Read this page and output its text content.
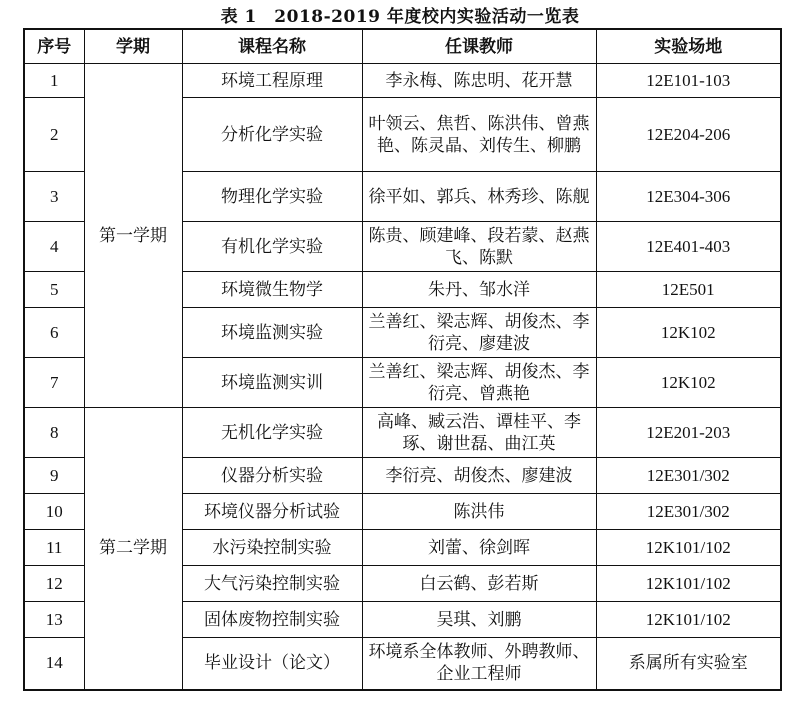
表 1　2018-2019 年度校内实验活动一览表
序号	学期	课程名称	任课教师	实验场地
1	第一学期	环境工程原理	李永梅、陈忠明、花开慧	12E101-103
2		分析化学实验	叶领云、焦哲、陈洪伟、曾燕艳、陈灵晶、刘传生、柳鹏	12E204-206
3		物理化学实验	徐平如、郭兵、林秀珍、陈舰	12E304-306
4		有机化学实验	陈贵、顾建峰、段若蒙、赵燕飞、陈默	12E401-403
5		环境微生物学	朱丹、邹水洋	12E501
6		环境监测实验	兰善红、梁志辉、胡俊杰、李衍亮、廖建波	12K102
7		环境监测实训	兰善红、梁志辉、胡俊杰、李衍亮、曾燕艳	12K102
8	第二学期	无机化学实验	高峰、臧云浩、谭桂平、李琢、谢世磊、曲江英	12E201-203
9		仪器分析实验	李衍亮、胡俊杰、廖建波	12E301/302
10		环境仪器分析试验	陈洪伟	12E301/302
11		水污染控制实验	刘蕾、徐剑晖	12K101/102
12		大气污染控制实验	白云鹤、彭若斯	12K101/102
13		固体废物控制实验	吴琪、刘鹏	12K101/102
14		毕业设计（论文）	环境系全体教师、外聘教师、企业工程师	系属所有实验室
